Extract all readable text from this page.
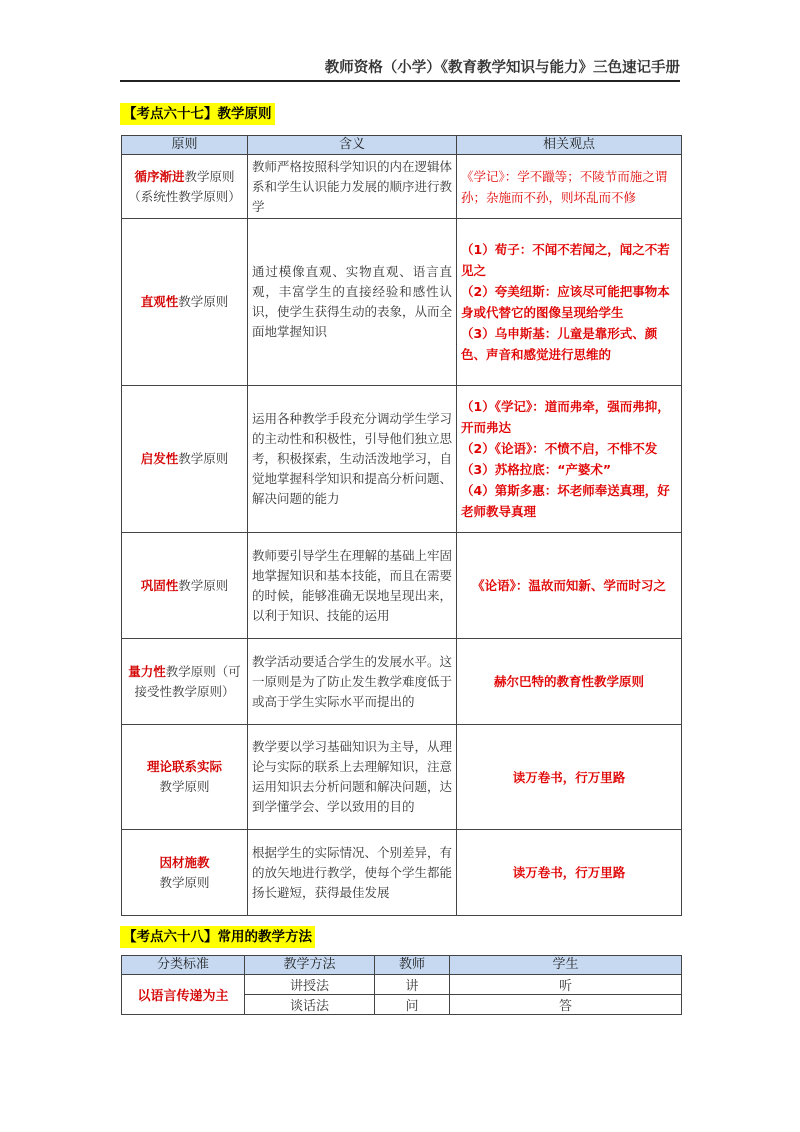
教师资格（小学）《教育教学知识与能力》三色速记手册
【考点六十七】教学原则
原则	含义	相关观点
循序渐进教学原则（系统性教学原则）	教师严格按照科学知识的内在逻辑体系和学生认识能力发展的顺序进行教学	《学记》：学不躐等；不陵节而施之谓孙；杂施而不孙，则坏乱而不修

直观性教学原则	通过模像直观、实物直观、语言直观，丰富学生的直接经验和感性认识，使学生获得生动的表象，从而全面地掌握知识	（1）荀子：不闻不若闻之，闻之不若见之
（2）夸美纽斯：应该尽可能把事物本身或代替它的图像呈现给学生
（3）乌申斯基：儿童是靠形式、颜
色、声音和感觉进行思维的

启发性教学原则	运用各种教学手段充分调动学生学习的主动性和积极性，引导他们独立思考，积极探索，生动活泼地学习，自觉地掌握科学知识和提高分析问题、解决问题的能力	（1）《学记》：道而弗牵，强而弗抑，开而弗达
（2）《论语》：不愤不启，不悱不发
（3）苏格拉底：“产婆术”
（4）第斯多惠：坏老师奉送真理，好老师教导真理

巩固性教学原则	教师要引导学生在理解的基础上牢固地掌握知识和基本技能，而且在需要的时候，能够准确无误地呈现出来，以利于知识、技能的运用	《论语》：温故而知新、学而时习之

量力性教学原则（可接受性教学原则）	教学活动要适合学生的发展水平。这一原则是为了防止发生教学难度低于或高于学生实际水平而提出的	赫尔巴特的教育性教学原则

理论联系实际
教学原则	教学要以学习基础知识为主导，从理论与实际的联系上去理解知识，注意运用知识去分析问题和解决问题，达到学懂学会、学以致用的目的	读万卷书，行万里路

因材施教
教学原则	根据学生的实际情况、个别差异，有的放矢地进行教学，使每个学生都能扬长避短，获得最佳发展	读万卷书，行万里路
【考点六十八】常用的教学方法
分类标准	教学方法	教师	学生
以语言传递为主	讲授法	讲	听
	谈话法	问	答
